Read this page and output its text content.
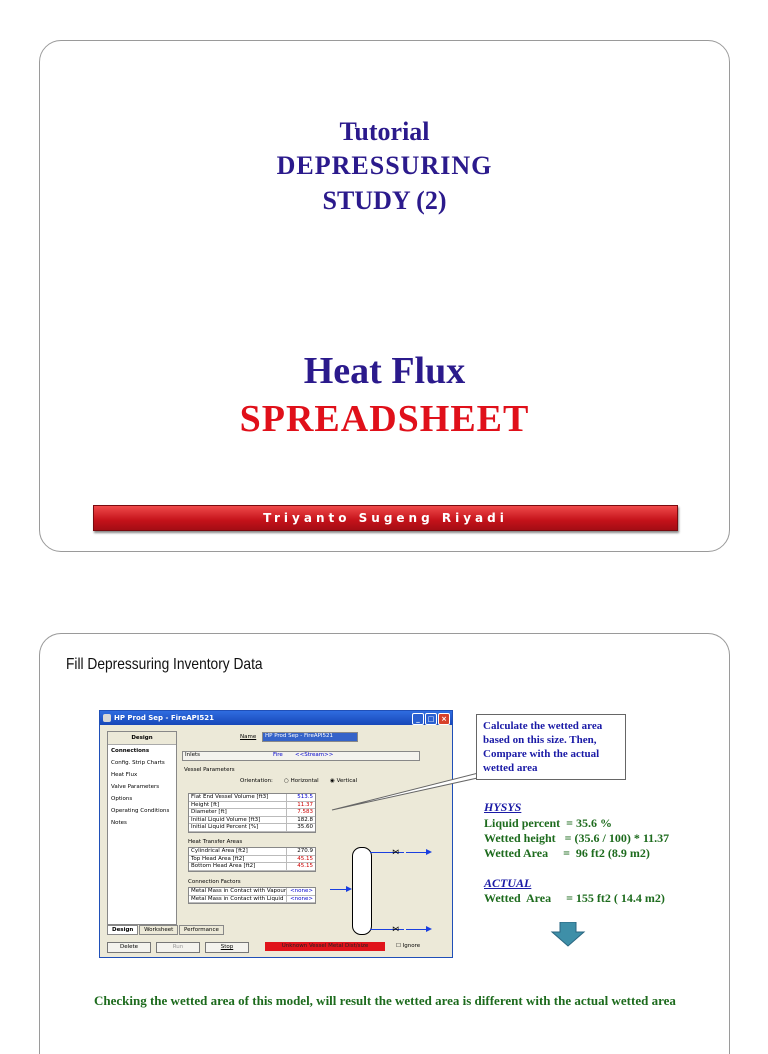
Tutorial
DEPRESSURING
STUDY (2)
Heat Flux
SPREADSHEET
Triyanto Sugeng Riyadi
Fill Depressuring Inventory Data
HP Prod Sep - FireAPI521	_	□ ×
Design
Connections
Config. Strip Charts
Heat Flux
Valve Parameters
Options
Operating Conditions
Notes
Name	HP Prod Sep - FireAPI521
Inlets	Fire <<Stream>>
Vessel Parameters
Orientation: ○ Horizontal ◉ Vertical
Flat End Vessel Volume [ft3]	513.5
Height [ft]	11.37
Diameter [ft]	7.583
Initial Liquid Volume [ft3]	182.8
Initial Liquid Percent [%]	35.60
Heat Transfer Areas
Cylindrical Area [ft2]	270.9
Top Head Area [ft2]	45.15
Bottom Head Area [ft2]	45.15
Connection Factors
Metal Mass in Contact with Vapour <none>
Metal Mass in Contact with Liquid	<none>
⋈
⋈
Design Worksheet Performance
Delete	Run	Stop	Unknown Vessel Metal Dist/size	☐ Ignore
Calculate the wetted area based on this size. Then, Compare with the actual wetted area
HYSYS
Liquid percent  = 35.6 %
Wetted height   = (35.6 / 100) * 11.37
Wetted Area     =  96 ft2 (8.9 m2)
ACTUAL
Wetted  Area     = 155 ft2 ( 14.4 m2)
Checking the wetted area of this model, will result the wetted area is different with the actual wetted area
